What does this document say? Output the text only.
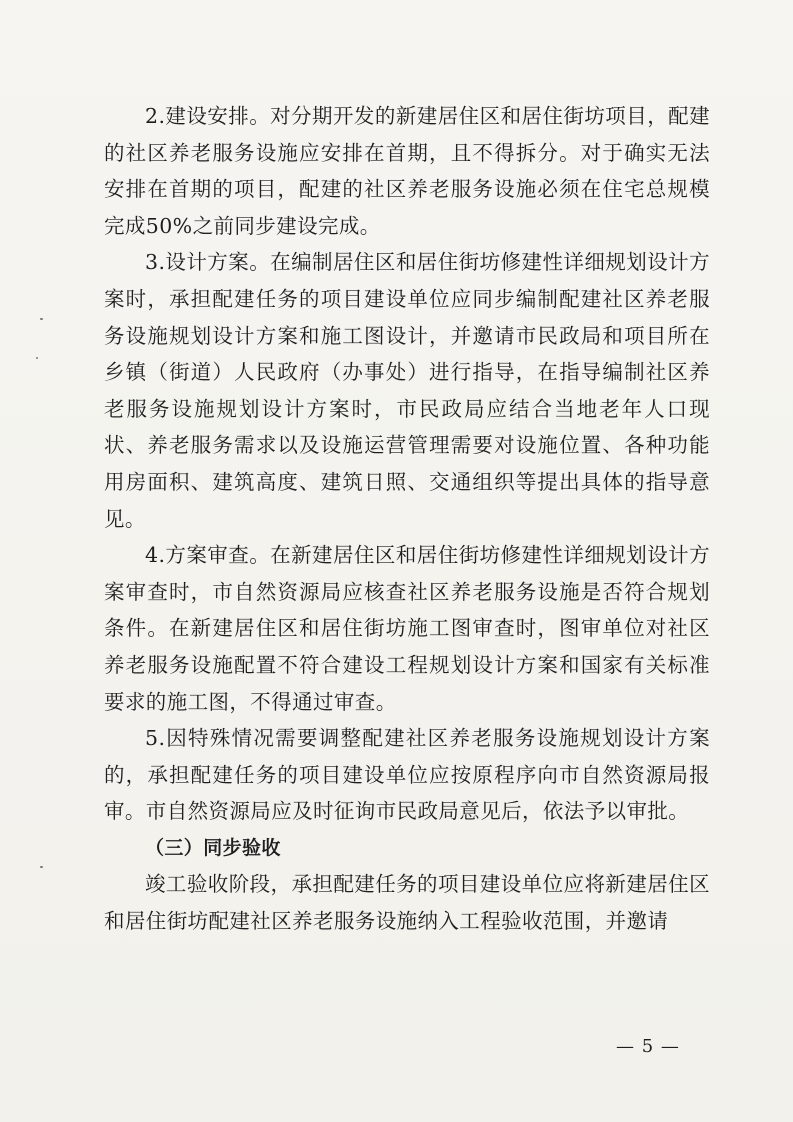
2.建设安排。对分期开发的新建居住区和居住街坊项目，配建的社区养老服务设施应安排在首期，且不得拆分。对于确实无法安排在首期的项目，配建的社区养老服务设施必须在住宅总规模完成50%之前同步建设完成。

3.设计方案。在编制居住区和居住街坊修建性详细规划设计方案时，承担配建任务的项目建设单位应同步编制配建社区养老服务设施规划设计方案和施工图设计，并邀请市民政局和项目所在乡镇（街道）人民政府（办事处）进行指导，在指导编制社区养老服务设施规划设计方案时，市民政局应结合当地老年人口现状、养老服务需求以及设施运营管理需要对设施位置、各种功能用房面积、建筑高度、建筑日照、交通组织等提出具体的指导意见。

4.方案审查。在新建居住区和居住街坊修建性详细规划设计方案审查时，市自然资源局应核查社区养老服务设施是否符合规划条件。在新建居住区和居住街坊施工图审查时，图审单位对社区养老服务设施配置不符合建设工程规划设计方案和国家有关标准要求的施工图，不得通过审查。

5.因特殊情况需要调整配建社区养老服务设施规划设计方案的，承担配建任务的项目建设单位应按原程序向市自然资源局报审。市自然资源局应及时征询市民政局意见后，依法予以审批。

（三）同步验收

竣工验收阶段，承担配建任务的项目建设单位应将新建居住区和居住街坊配建社区养老服务设施纳入工程验收范围，并邀请

— 5 —
